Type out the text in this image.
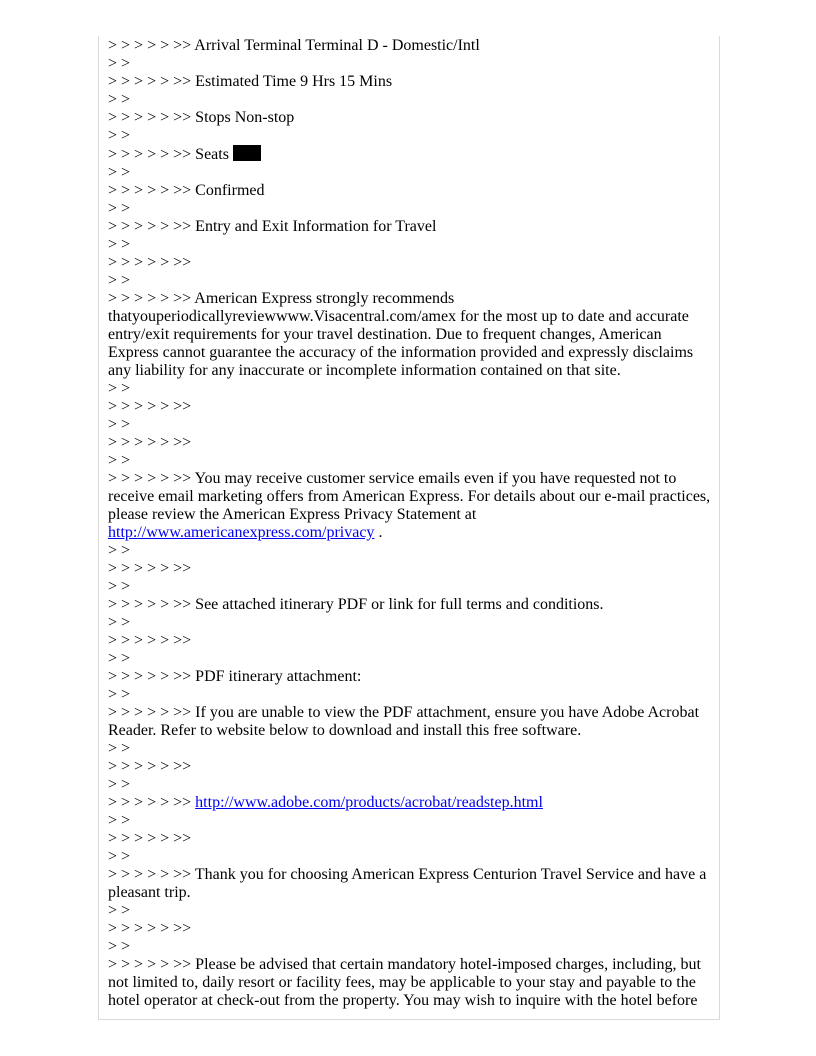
> > > > > >> Arrival Terminal Terminal D - Domestic/Intl
> >
> > > > > >> Estimated Time 9 Hrs 15 Mins
> >
> > > > > >> Stops Non-stop
> >
> > > > > >> Seats
> >
> > > > > >> Confirmed
> >
> > > > > >> Entry and Exit Information for Travel
> >
> > > > > >>
> >
> > > > > >> American Express strongly recommends thatyouperiodicallyreviewwww.Visacentral.com/amex for the most up to date and accurate entry/exit requirements for your travel destination. Due to frequent changes, American Express cannot guarantee the accuracy of the information provided and expressly disclaims any liability for any inaccurate or incomplete information contained on that site.
> >
> > > > > >>
> >
> > > > > >>
> >
> > > > > >> You may receive customer service emails even if you have requested not to receive email marketing offers from American Express. For details about our e-mail practices, please review the American Express Privacy Statement at
http://www.americanexpress.com/privacy .
> >
> > > > > >>
> >
> > > > > >> See attached itinerary PDF or link for full terms and conditions.
> >
> > > > > >>
> >
> > > > > >> PDF itinerary attachment:
> >
> > > > > >> If you are unable to view the PDF attachment, ensure you have Adobe Acrobat Reader. Refer to website below to download and install this free software.
> >
> > > > > >>
> >
> > > > > >> http://www.adobe.com/products/acrobat/readstep.html
> >
> > > > > >>
> >
> > > > > >> Thank you for choosing American Express Centurion Travel Service and have a pleasant trip.
> >
> > > > > >>
> >
> > > > > >> Please be advised that certain mandatory hotel-imposed charges, including, but not limited to, daily resort or facility fees, may be applicable to your stay and payable to the hotel operator at check-out from the property. You may wish to inquire with the hotel before
